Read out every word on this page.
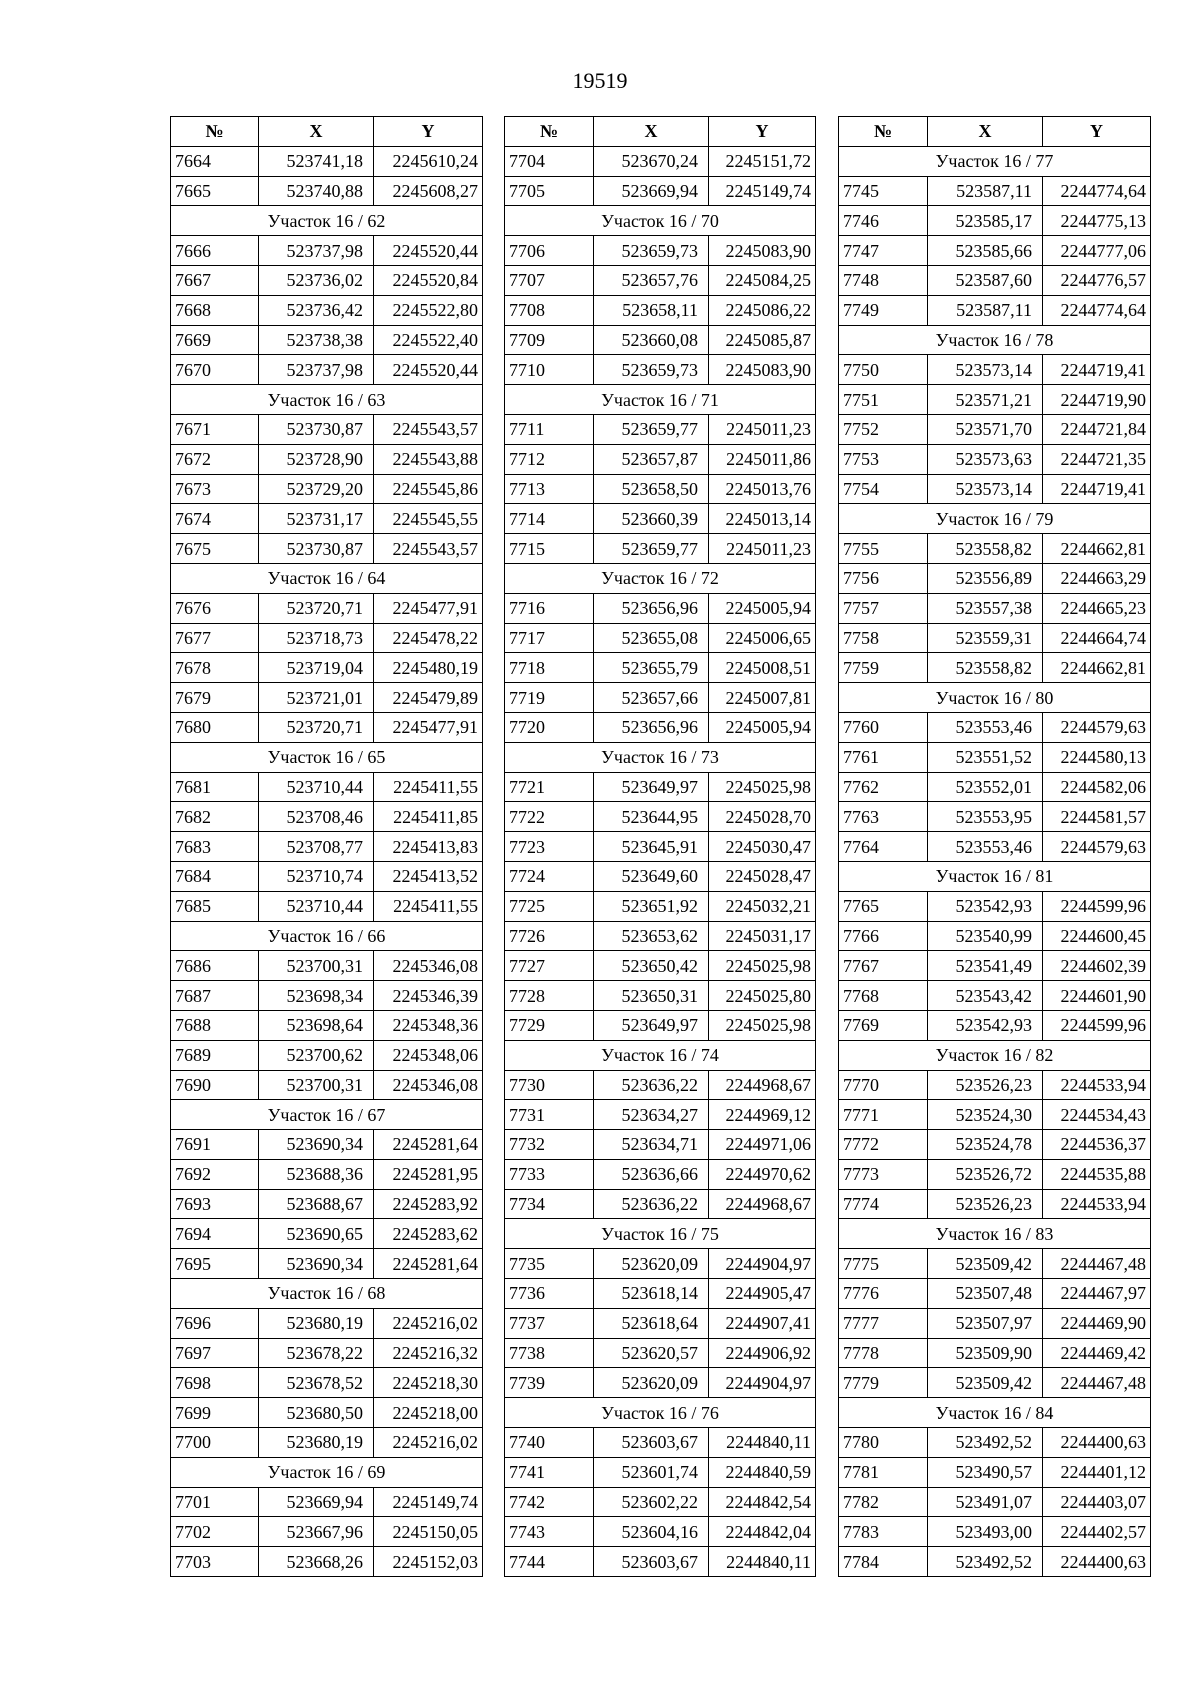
19519
№	X	Y
7664	523741,18	2245610,24
7665	523740,88	2245608,27
Участок 16 / 62		
7666	523737,98	2245520,44
7667	523736,02	2245520,84
7668	523736,42	2245522,80
7669	523738,38	2245522,40
7670	523737,98	2245520,44
Участок 16 / 63		
7671	523730,87	2245543,57
7672	523728,90	2245543,88
7673	523729,20	2245545,86
7674	523731,17	2245545,55
7675	523730,87	2245543,57
Участок 16 / 64		
7676	523720,71	2245477,91
7677	523718,73	2245478,22
7678	523719,04	2245480,19
7679	523721,01	2245479,89
7680	523720,71	2245477,91
Участок 16 / 65		
7681	523710,44	2245411,55
7682	523708,46	2245411,85
7683	523708,77	2245413,83
7684	523710,74	2245413,52
7685	523710,44	2245411,55
Участок 16 / 66		
7686	523700,31	2245346,08
7687	523698,34	2245346,39
7688	523698,64	2245348,36
7689	523700,62	2245348,06
7690	523700,31	2245346,08
Участок 16 / 67		
7691	523690,34	2245281,64
7692	523688,36	2245281,95
7693	523688,67	2245283,92
7694	523690,65	2245283,62
7695	523690,34	2245281,64
Участок 16 / 68		
7696	523680,19	2245216,02
7697	523678,22	2245216,32
7698	523678,52	2245218,30
7699	523680,50	2245218,00
7700	523680,19	2245216,02
Участок 16 / 69		
7701	523669,94	2245149,74
7702	523667,96	2245150,05
7703	523668,26	2245152,03
№	X	Y
7704	523670,24	2245151,72
7705	523669,94	2245149,74
Участок 16 / 70		
7706	523659,73	2245083,90
7707	523657,76	2245084,25
7708	523658,11	2245086,22
7709	523660,08	2245085,87
7710	523659,73	2245083,90
Участок 16 / 71		
7711	523659,77	2245011,23
7712	523657,87	2245011,86
7713	523658,50	2245013,76
7714	523660,39	2245013,14
7715	523659,77	2245011,23
Участок 16 / 72		
7716	523656,96	2245005,94
7717	523655,08	2245006,65
7718	523655,79	2245008,51
7719	523657,66	2245007,81
7720	523656,96	2245005,94
Участок 16 / 73		
7721	523649,97	2245025,98
7722	523644,95	2245028,70
7723	523645,91	2245030,47
7724	523649,60	2245028,47
7725	523651,92	2245032,21
7726	523653,62	2245031,17
7727	523650,42	2245025,98
7728	523650,31	2245025,80
7729	523649,97	2245025,98
Участок 16 / 74		
7730	523636,22	2244968,67
7731	523634,27	2244969,12
7732	523634,71	2244971,06
7733	523636,66	2244970,62
7734	523636,22	2244968,67
Участок 16 / 75		
7735	523620,09	2244904,97
7736	523618,14	2244905,47
7737	523618,64	2244907,41
7738	523620,57	2244906,92
7739	523620,09	2244904,97
Участок 16 / 76		
7740	523603,67	2244840,11
7741	523601,74	2244840,59
7742	523602,22	2244842,54
7743	523604,16	2244842,04
7744	523603,67	2244840,11
№	X	Y
Участок 16 / 77		
7745	523587,11	2244774,64
7746	523585,17	2244775,13
7747	523585,66	2244777,06
7748	523587,60	2244776,57
7749	523587,11	2244774,64
Участок 16 / 78		
7750	523573,14	2244719,41
7751	523571,21	2244719,90
7752	523571,70	2244721,84
7753	523573,63	2244721,35
7754	523573,14	2244719,41
Участок 16 / 79		
7755	523558,82	2244662,81
7756	523556,89	2244663,29
7757	523557,38	2244665,23
7758	523559,31	2244664,74
7759	523558,82	2244662,81
Участок 16 / 80		
7760	523553,46	2244579,63
7761	523551,52	2244580,13
7762	523552,01	2244582,06
7763	523553,95	2244581,57
7764	523553,46	2244579,63
Участок 16 / 81		
7765	523542,93	2244599,96
7766	523540,99	2244600,45
7767	523541,49	2244602,39
7768	523543,42	2244601,90
7769	523542,93	2244599,96
Участок 16 / 82		
7770	523526,23	2244533,94
7771	523524,30	2244534,43
7772	523524,78	2244536,37
7773	523526,72	2244535,88
7774	523526,23	2244533,94
Участок 16 / 83		
7775	523509,42	2244467,48
7776	523507,48	2244467,97
7777	523507,97	2244469,90
7778	523509,90	2244469,42
7779	523509,42	2244467,48
Участок 16 / 84		
7780	523492,52	2244400,63
7781	523490,57	2244401,12
7782	523491,07	2244403,07
7783	523493,00	2244402,57
7784	523492,52	2244400,63
